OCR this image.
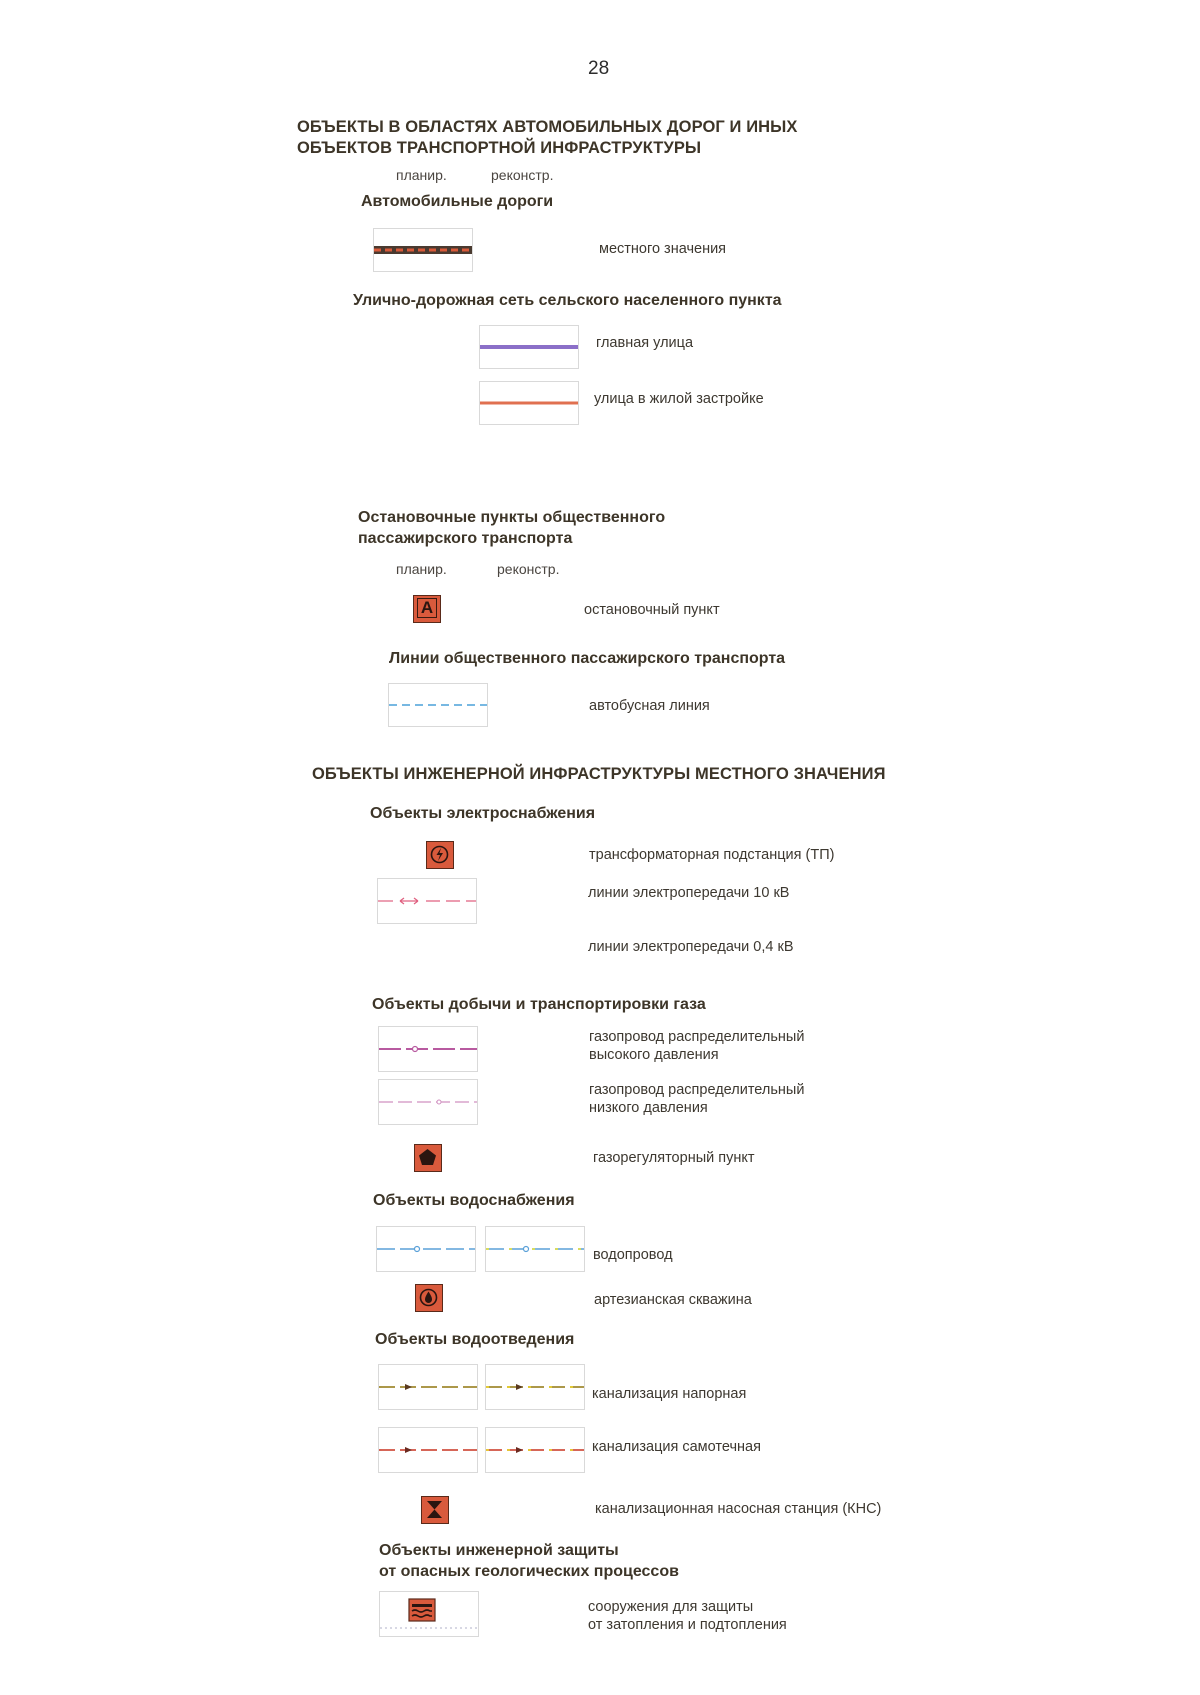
28
ОБЪЕКТЫ В ОБЛАСТЯХ АВТОМОБИЛЬНЫХ ДОРОГ И ИНЫХ
ОБЪЕКТОВ ТРАНСПОРТНОЙ ИНФРАСТРУКТУРЫ
планир.	реконстр.
Автомобильные дороги
местного значения
Улично-дорожная сеть сельского населенного пункта
главная улица
улица в жилой застройке
Остановочные пункты общественного
пассажирского транспорта
планир.	реконстр.
A	остановочный пункт
Линии общественного пассажирского транспорта
автобусная линия
ОБЪЕКТЫ ИНЖЕНЕРНОЙ ИНФРАСТРУКТУРЫ МЕСТНОГО ЗНАЧЕНИЯ
Объекты электроснабжения
трансформаторная подстанция (ТП)
линии электропередачи 10 кВ
линии электропередачи 0,4 кВ
Объекты добычи и транспортировки газа
газопровод распределительный
высокого давления
газопровод распределительный
низкого давления
газорегуляторный пункт
Объекты водоснабжения
водопровод
артезианская скважина
Объекты водоотведения
канализация напорная
канализация самотечная
канализационная насосная станция (КНС)
Объекты инженерной защиты
от опасных геологических процессов
сооружения для защиты
от затопления и подтопления
